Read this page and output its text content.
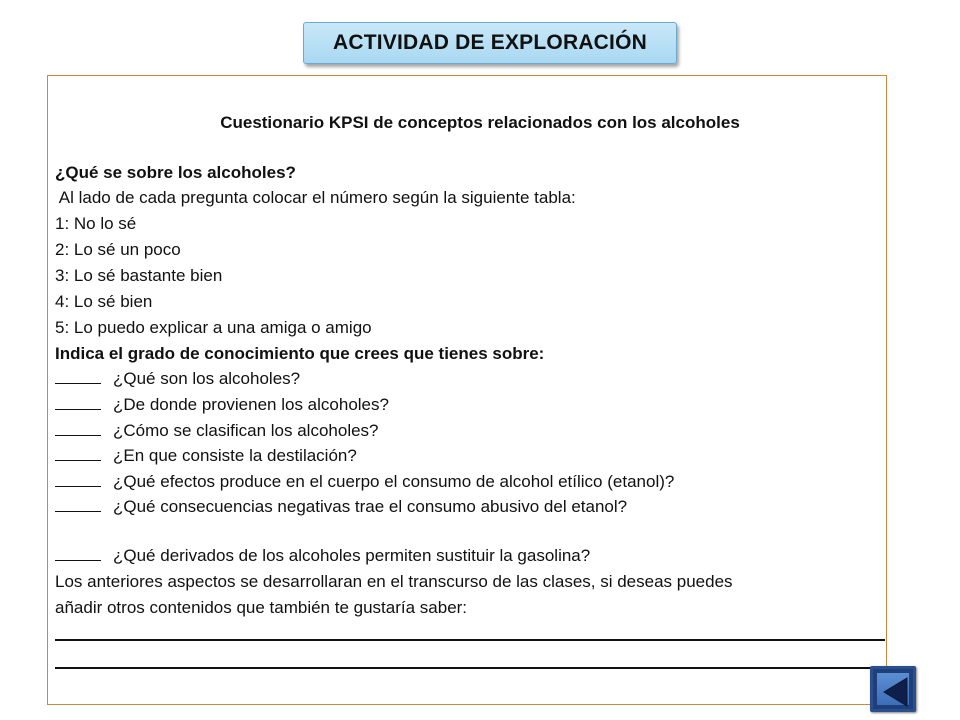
ACTIVIDAD DE EXPLORACIÓN
Cuestionario KPSI de conceptos relacionados con los alcoholes
¿Qué se sobre los alcoholes?
Al lado de cada pregunta colocar el número según la siguiente tabla:
1: No lo sé
2: Lo sé un poco
3: Lo sé bastante bien
4: Lo sé bien
5: Lo puedo explicar a una amiga o amigo
Indica el grado de conocimiento que crees que tienes sobre:
¿Qué son los alcoholes?
¿De donde provienen los alcoholes?
¿Cómo se clasifican los alcoholes?
¿En que consiste la destilación?
¿Qué efectos produce en el cuerpo el consumo de alcohol etílico (etanol)?
¿Qué consecuencias negativas trae el consumo abusivo del etanol?
¿Qué derivados de los alcoholes permiten sustituir la gasolina?
Los anteriores aspectos se desarrollaran en el transcurso de las clases, si deseas puedes
añadir otros contenidos que también te gustaría saber:
